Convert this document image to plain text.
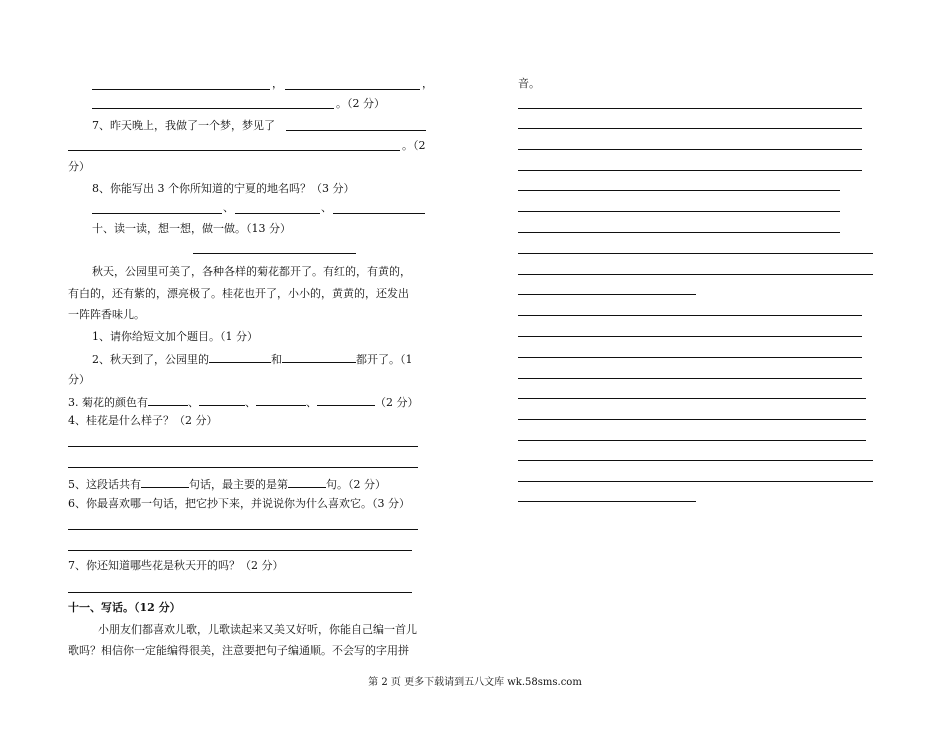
，	，
。（2 分）
7、昨天晚上，我做了一个梦，梦见了
。（2
分）
8、你能写出 3 个你所知道的宁夏的地名吗？（3 分）
、	、
十、读一读，想一想，做一做。（13 分）
秋天，公园里可美了，各种各样的菊花都开了。有红的，有黄的，
有白的，还有紫的，漂亮极了。桂花也开了，小小的，黄黄的，还发出
一阵阵香味儿。
1、请你给短文加个题目。（1 分）
2、秋天到了，公园里的	和	都开了。（1
分）
3. 菊花的颜色有	、	、	、	（2 分）
4、桂花是什么样子？（2 分）
5、这段话共有	句话，最主要的是第	句。（2 分）
6、你最喜欢哪一句话，把它抄下来，并说说你为什么喜欢它。（3 分）
7、你还知道哪些花是秋天开的吗？（2 分）
十一、写话。（12 分）
小朋友们都喜欢儿歌，儿歌读起来又美又好听，你能自己编一首儿
歌吗？相信你一定能编得很美，注意要把句子编通顺。不会写的字用拼
音。
第 2 页 更多下载请到五八文库 wk.58sms.com
